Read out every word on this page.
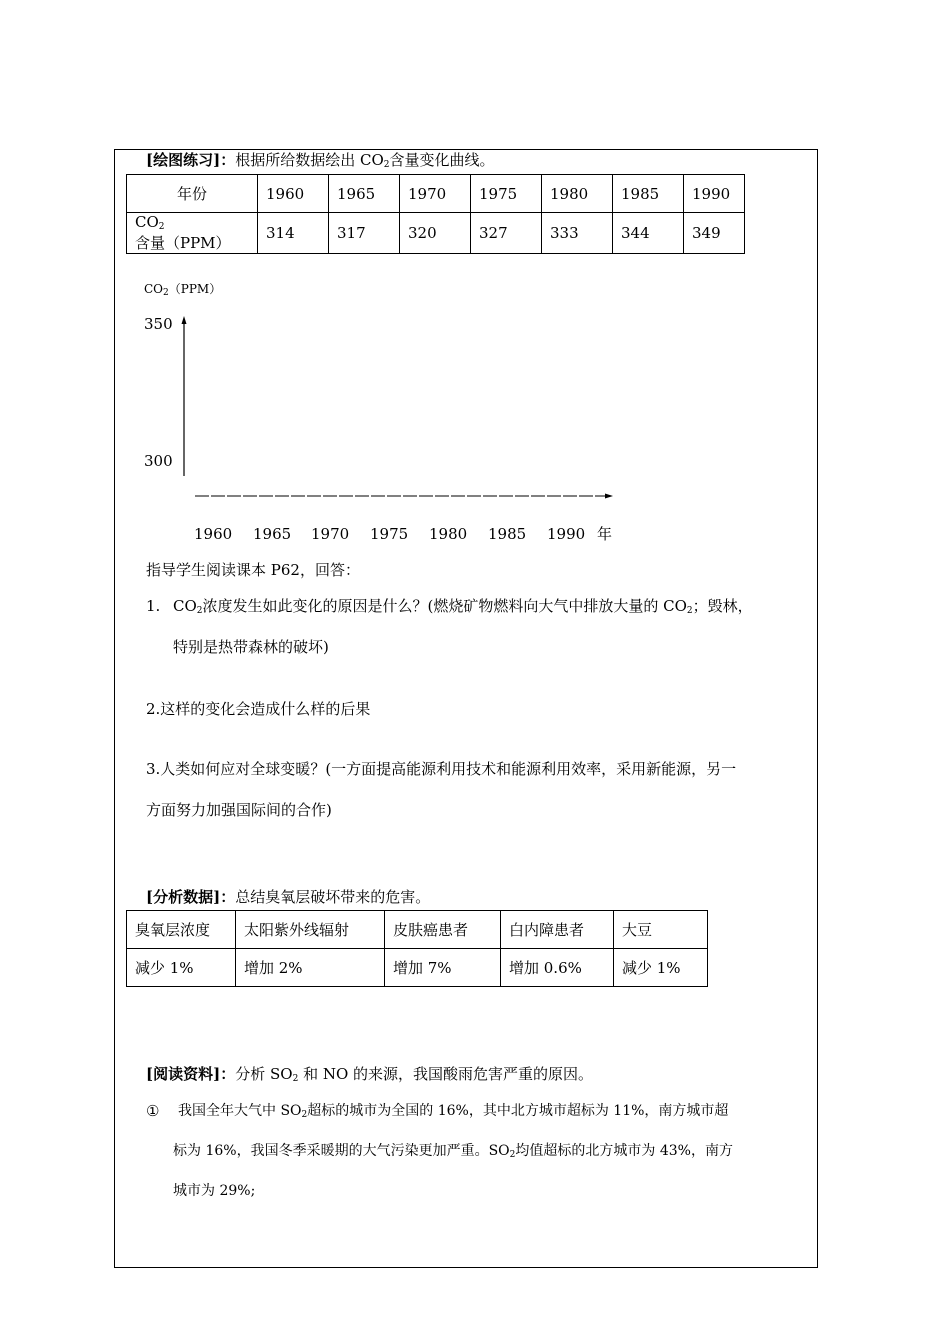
[绘图练习]：根据所给数据绘出 $CO_2$含量变化曲线。
年份	1960	1965	1970	1975	1980	1985	1990
$CO_2$含量（PPM）	314	317	320	327	333	344	349
$CO_2(PPM)$
350
300
1960 1965 1970 1975 1980 1985 1990 年
指导学生阅读课本 P62，回答：
1. $CO_2$浓度发生如此变化的原因是什么？(燃烧矿物燃料向大气中排放大量的 $CO_2$；毁林，
特别是热带森林的破坏)
2.这样的变化会造成什么样的后果
3.人类如何应对全球变暖？(一方面提高能源利用技术和能源利用效率，采用新能源，另一
方面努力加强国际间的合作)
[分析数据]：总结臭氧层破坏带来的危害。
臭氧层浓度	太阳紫外线辐射	皮肤癌患者	白内障患者	大豆
减少 1%	增加 2%	增加 7%	增加 0.6%	减少 1%
[阅读资料]：分析 $SO_2$ 和 NO 的来源，我国酸雨危害严重的原因。
① 我国全年大气中 $SO_2$超标的城市为全国的 16%，其中北方城市超标为 11%，南方城市超
标为 16%，我国冬季采暖期的大气污染更加严重。$SO_2$均值超标的北方城市为 43%，南方
城市为 29%;
